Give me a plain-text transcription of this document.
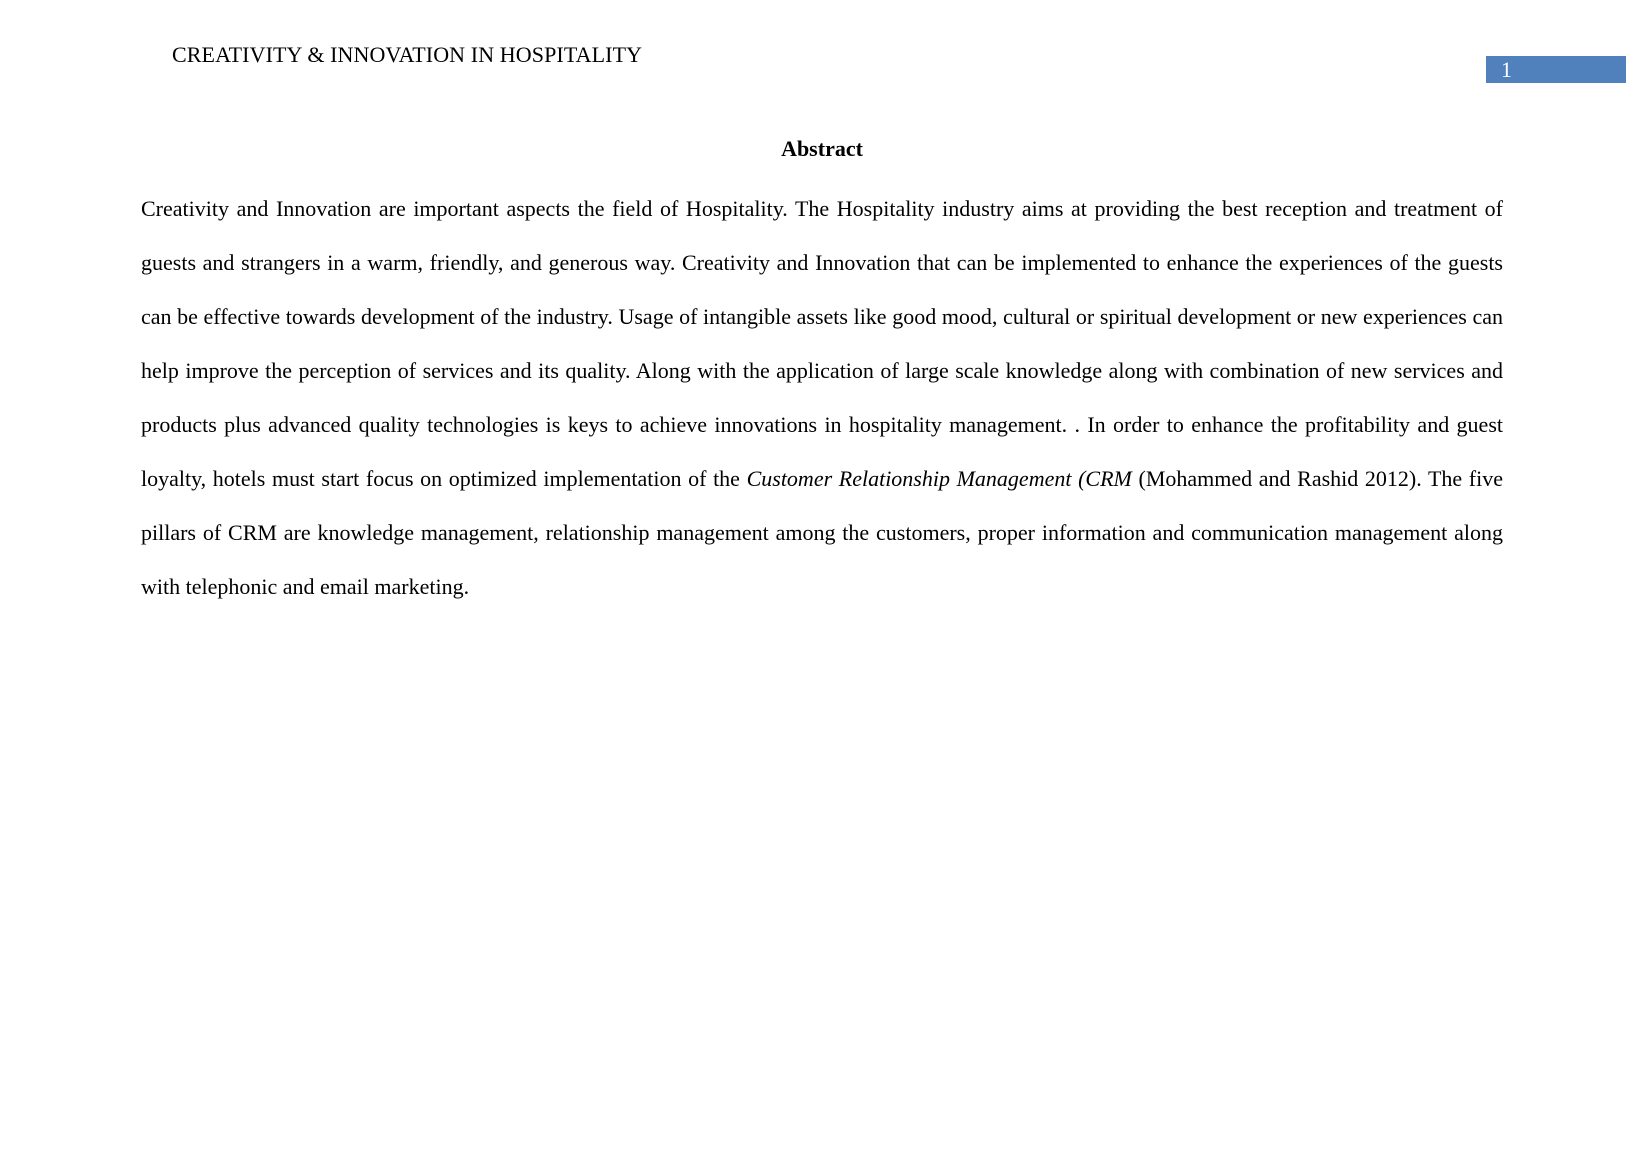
CREATIVITY & INNOVATION IN HOSPITALITY
1
Abstract

Creativity and Innovation are important aspects the field of Hospitality. The Hospitality industry aims at providing the best reception and treatment of guests and strangers in a warm, friendly, and generous way. Creativity and Innovation that can be implemented to enhance the experiences of the guests can be effective towards development of the industry. Usage of intangible assets like good mood, cultural or spiritual development or new experiences can help improve the perception of services and its quality. Along with the application of large scale knowledge along with combination of new services and products plus advanced quality technologies is keys to achieve innovations in hospitality management. . In order to enhance the profitability and guest loyalty, hotels must start focus on optimized implementation of the Customer Relationship Management (CRM (Mohammed and Rashid 2012). The five pillars of CRM are knowledge management, relationship management among the customers, proper information and communication management along with telephonic and email marketing.
